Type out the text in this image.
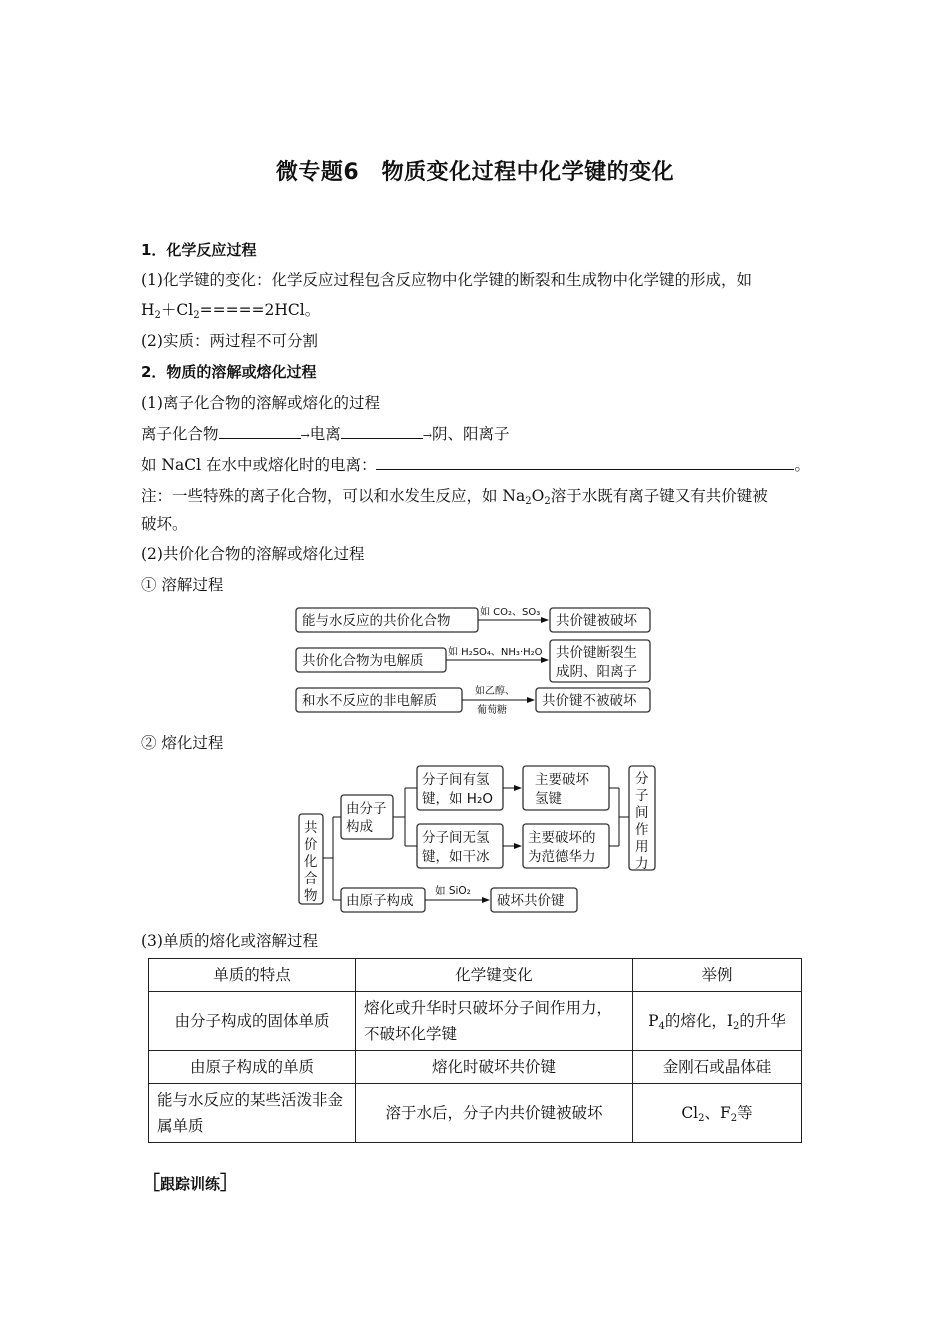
微专题6　物质变化过程中化学键的变化
1．化学反应过程
(1)化学键的变化：化学反应过程包含反应物中化学键的断裂和生成物中化学键的形成，如
$H_2+Cl_2=====2HCl$。
(2)实质：两过程不可分割
2．物质的溶解或熔化过程
(1)离子化合物的溶解或熔化的过程
离子化合物	→电离	→阴、阳离子
如 NaCl 在水中或熔化时的电离：	。
注：一些特殊的离子化合物，可以和水发生反应，如 $Na_2O_2$溶于水既有离子键又有共价键被
破坏。
(2)共价化合物的溶解或熔化过程
① 溶解过程
能与水反应的共价化合物
共价化合物为电解质
和水不反应的非电解质
共价键被破坏
共价键断裂生
成阴、阳离子
共价键不被破坏
如 CO₂、SO₃
如 H₂SO₄、NH₃·H₂O
如乙醇、
葡萄糖
② 熔化过程
共
价
化
合
物
由分子
构成
分子间有氢
键，如 H₂O
分子间无氢
键，如干冰
主要破坏
氢键
主要破坏的
为范德华力
分
子
间
作
用
力
由原子构成	破坏共价键
如 SiO₂
(3)单质的熔化或溶解过程
单质的特点	化学键变化	举例
由分子构成的固体单质	熔化或升华时只破坏分子间作用力，不破坏化学键	$P_4$的熔化，$I_2$的升华
由原子构成的单质	熔化时破坏共价键	金刚石或晶体硅
能与水反应的某些活泼非金属单质	溶于水后，分子内共价键被破坏	$Cl_2$、$F_2$等
［跟踪训练］
